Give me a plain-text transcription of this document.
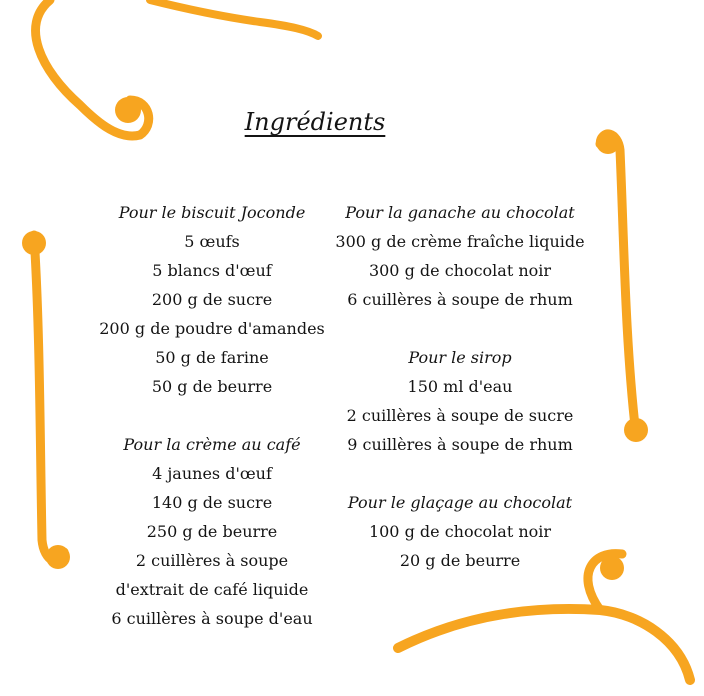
Ingrédients
Pour le biscuit Joconde
5 œufs
5 blancs d'œuf
200 g de sucre
200 g de poudre d'amandes
50 g de farine
50 g de beurre
Pour la crème au café
4 jaunes d'œuf
140 g de sucre
250 g de beurre
2 cuillères à soupe
d'extrait de café liquide
6 cuillères à soupe d'eau
Pour la ganache au chocolat
300 g de crème fraîche liquide
300 g de chocolat noir
6 cuillères à soupe de rhum
Pour le sirop
150 ml d'eau
2 cuillères à soupe de sucre
9 cuillères à soupe de rhum
Pour le glaçage au chocolat
100 g de chocolat noir
20 g de beurre
